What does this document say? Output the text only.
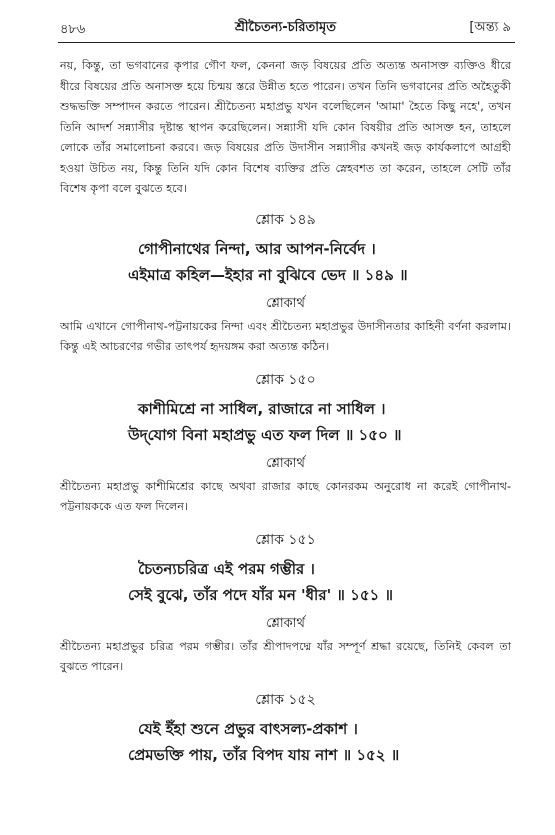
৪৮৬	শ্রীচৈতন্য-চরিতামৃত	[অন্ত্য ৯

নয়, কিন্তু, তা ভগবানের কৃপার গৌণ ফল, কেননা জড় বিষয়ের প্রতি অত্যন্ত অনাসক্ত ব্যক্তিও ধীরে ধীরে বিষয়ের প্রতি অনাসক্ত হয়ে চিন্ময় স্তরে উন্নীত হতে পারেন। তখন তিনি ভগবানের প্রতি অহৈতুকী শুদ্ধভক্তি সম্পাদন করতে পারেন। শ্রীচৈতন্য মহাপ্রভু যখন বলেছিলেন 'আমা' হৈতে কিছু নহে', তখন তিনি আদর্শ সন্ন্যাসীর দৃষ্টান্ত স্থাপন করেছিলেন। সন্ন্যাসী যদি কোন বিষয়ীর প্রতি আসক্ত হন, তাহলে লোকে তাঁর সমালোচনা করবে। জড় বিষয়ের প্রতি উদাসীন সন্ন্যাসীর কখনই জড় কার্যকলাপে আগ্রহী হওয়া উচিত নয়, কিন্তু তিনি যদি কোন বিশেষ ব্যক্তির প্রতি স্নেহবশত তা করেন, তাহলে সেটি তাঁর বিশেষ কৃপা বলে বুঝতে হবে।

শ্লোক ১৪৯

গোপীনাথের নিন্দা, আর আপন-নির্বেদ ।
এইমাত্র কহিল—ইহার না বুঝিবে ভেদ ॥ ১৪৯ ॥

শ্লোকার্থ

আমি এখানে গোপীনাথ-পট্টনায়কের নিন্দা এবং শ্রীচৈতন্য মহাপ্রভুর উদাসীনতার কাহিনী বর্ণনা করলাম। কিন্তু এই আচরণের গভীর তাৎপর্য হৃদয়ঙ্গম করা অত্যন্ত কঠিন।

শ্লোক ১৫০

কাশীমিশ্রে না সাধিল, রাজারে না সাধিল ।
উদ্‌যোগ বিনা মহাপ্রভু এত ফল দিল ॥ ১৫০ ॥

শ্লোকার্থ

শ্রীচৈতন্য মহাপ্রভু কাশীমিশ্রের কাছে অথবা রাজার কাছে কোনরকম অনুরোধ না করেই গোপীনাথ-পট্টনায়ককে এত ফল দিলেন।

শ্লোক ১৫১

চৈতন্যচরিত্র এই পরম গম্ভীর ।
সেই বুঝে, তাঁর পদে যাঁর মন 'ধীর' ॥ ১৫১ ॥

শ্লোকার্থ

শ্রীচৈতন্য মহাপ্রভুর চরিত্র পরম গম্ভীর। তাঁর শ্রীপাদপদ্মে যাঁর সম্পূর্ণ শ্রদ্ধা রয়েছে, তিনিই কেবল তা বুঝতে পারেন।

শ্লোক ১৫২

যেই ইঁহা শুনে প্রভুর বাৎসল্য-প্রকাশ ।
প্রেমভক্তি পায়, তাঁর বিপদ যায় নাশ ॥ ১৫২ ॥
